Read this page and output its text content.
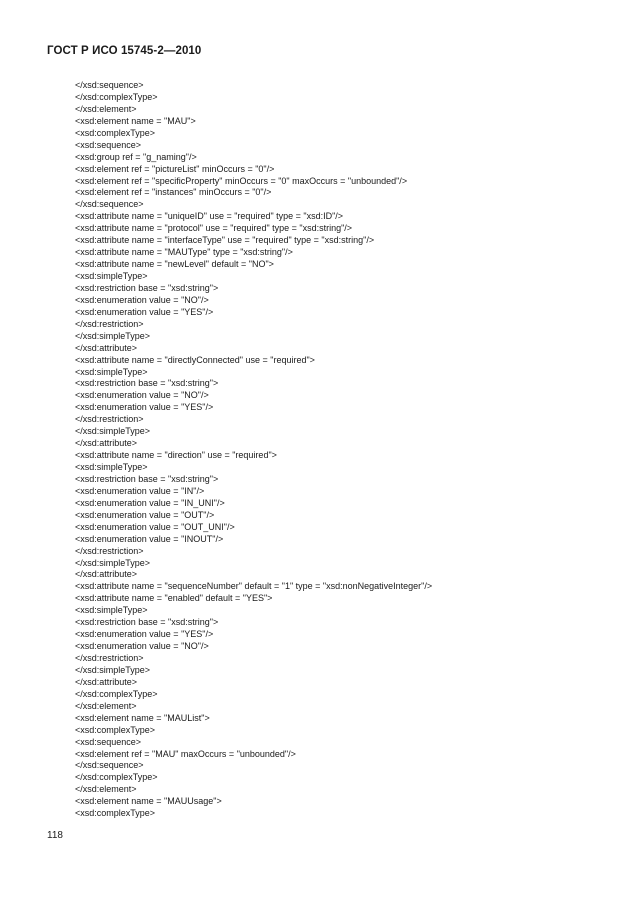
ГОСТ Р ИСО 15745-2—2010
</xsd:sequence>
</xsd:complexType>
</xsd:element>
<xsd:element name = "MAU">
<xsd:complexType>
<xsd:sequence>
<xsd:group ref = "g_naming"/>
<xsd:element ref = "pictureList" minOccurs = "0"/>
<xsd:element ref = "specificProperty" minOccurs = "0" maxOccurs = "unbounded"/>
<xsd:element ref = "instances" minOccurs = "0"/>
</xsd:sequence>
<xsd:attribute name = "uniqueID" use = "required" type = "xsd:ID"/>
<xsd:attribute name = "protocol" use = "required" type = "xsd:string"/>
<xsd:attribute name = "interfaceType" use = "required" type = "xsd:string"/>
<xsd:attribute name = "MAUType" type = "xsd:string"/>
<xsd:attribute name = "newLevel" default = "NO">
<xsd:simpleType>
<xsd:restriction base = "xsd:string">
<xsd:enumeration value = "NO"/>
<xsd:enumeration value = "YES"/>
</xsd:restriction>
</xsd:simpleType>
</xsd:attribute>
<xsd:attribute name = "directlyConnected" use = "required">
<xsd:simpleType>
<xsd:restriction base = "xsd:string">
<xsd:enumeration value = "NO"/>
<xsd:enumeration value = "YES"/>
</xsd:restriction>
</xsd:simpleType>
</xsd:attribute>
<xsd:attribute name = "direction" use = "required">
<xsd:simpleType>
<xsd:restriction base = "xsd:string">
<xsd:enumeration value = "IN"/>
<xsd:enumeration value = "IN_UNI"/>
<xsd:enumeration value = "OUT"/>
<xsd:enumeration value = "OUT_UNI"/>
<xsd:enumeration value = "INOUT"/>
</xsd:restriction>
</xsd:simpleType>
</xsd:attribute>
<xsd:attribute name = "sequenceNumber" default = "1" type = "xsd:nonNegativeInteger"/>
<xsd:attribute name = "enabled" default = "YES">
<xsd:simpleType>
<xsd:restriction base = "xsd:string">
<xsd:enumeration value = "YES"/>
<xsd:enumeration value = "NO"/>
</xsd:restriction>
</xsd:simpleType>
</xsd:attribute>
</xsd:complexType>
</xsd:element>
<xsd:element name = "MAUList">
<xsd:complexType>
<xsd:sequence>
<xsd:element ref = "MAU" maxOccurs = "unbounded"/>
</xsd:sequence>
</xsd:complexType>
</xsd:element>
<xsd:element name = "MAUUsage">
<xsd:complexType>
118
